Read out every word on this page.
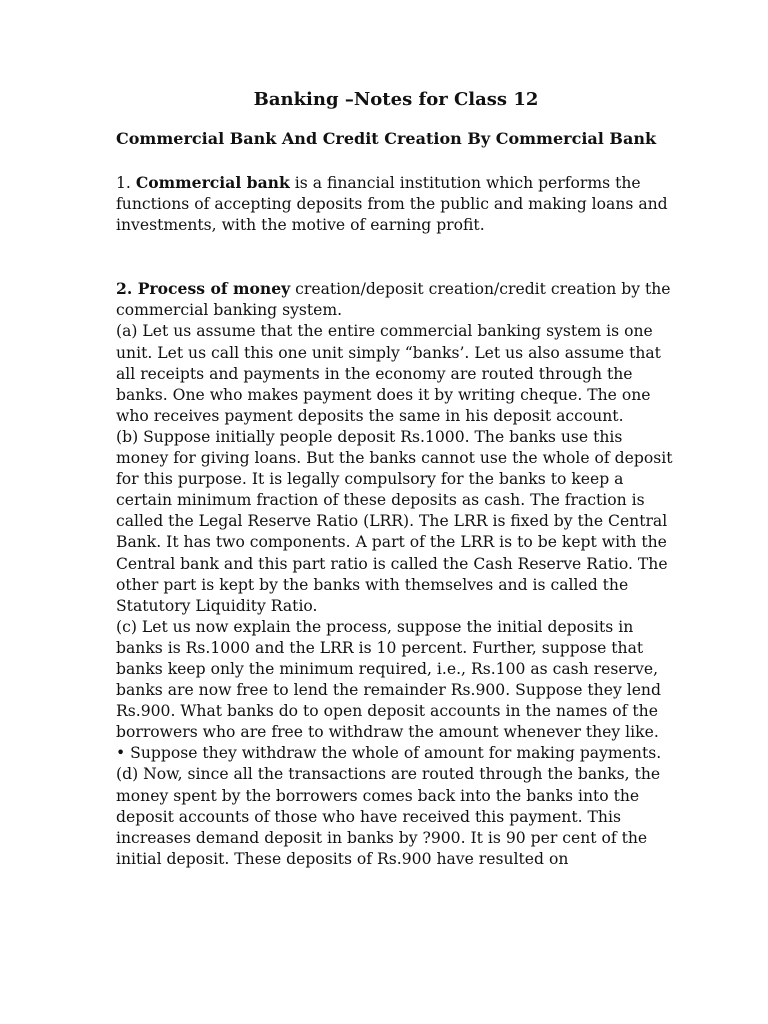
Banking –Notes for Class 12
Commercial Bank And Credit Creation By Commercial Bank

1. Commercial bank is a financial institution which performs the functions of accepting deposits from the public and making loans and investments, with the motive of earning profit.

2. Process of money creation/deposit creation/credit creation by the commercial banking system.

(a) Let us assume that the entire commercial banking system is one unit. Let us call this one unit simply “banks’. Let us also assume that all receipts and payments in the economy are routed through the banks. One who makes payment does it by writing cheque. The one who receives payment deposits the same in his deposit account.

(b) Suppose initially people deposit Rs.1000. The banks use this money for giving loans. But the banks cannot use the whole of deposit for this purpose. It is legally compulsory for the banks to keep a certain minimum fraction of these deposits as cash. The fraction is called the Legal Reserve Ratio (LRR). The LRR is fixed by the Central Bank. It has two components. A part of the LRR is to be kept with the Central bank and this part ratio is called the Cash Reserve Ratio. The other part is kept by the banks with themselves and is called the Statutory Liquidity Ratio.

(c) Let us now explain the process, suppose the initial deposits in banks is Rs.1000 and the LRR is 10 percent. Further, suppose that banks keep only the minimum required, i.e., Rs.100 as cash reserve, banks are now free to lend the remainder Rs.900. Suppose they lend Rs.900. What banks do to open deposit accounts in the names of the borrowers who are free to withdraw the amount whenever they like.

• Suppose they withdraw the whole of amount for making payments.

(d) Now, since all the transactions are routed through the banks, the money spent by the borrowers comes back into the banks into the deposit accounts of those who have received this payment. This increases demand deposit in banks by ?900. It is 90 per cent of the initial deposit. These deposits of Rs.900 have resulted on
